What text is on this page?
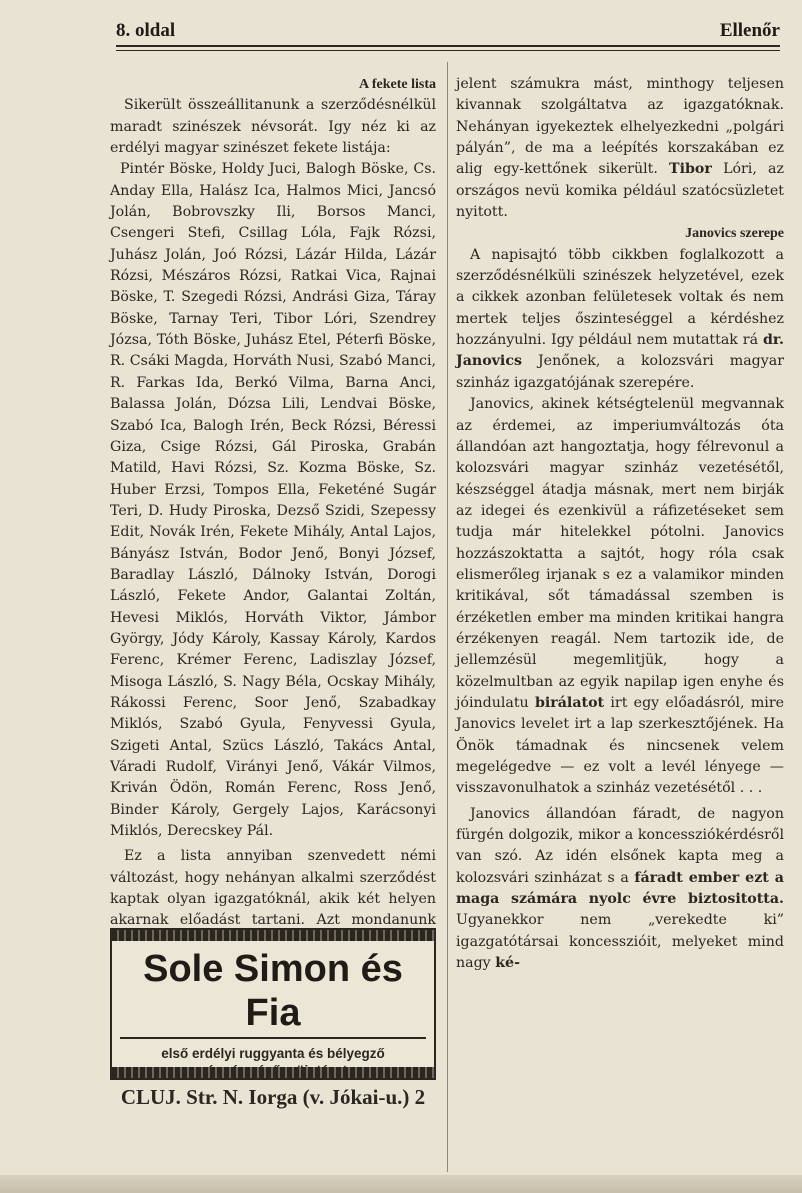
8. oldal	Ellenőr

A fekete lista

Sikerült összeállitanunk a szerződésnélkül maradt szinészek névsorát. Igy néz ki az erdélyi magyar szinészet fekete listája:

Pintér Böske, Holdy Juci, Balogh Böske, Cs. Anday Ella, Halász Ica, Halmos Mici, Jancsó Jolán, Bobrovszky Ili, Borsos Manci, Csengeri Stefi, Csillag Lóla, Fajk Rózsi, Juhász Jolán, Joó Rózsi, Lázár Hilda, Lázár Rózsi, Mészáros Rózsi, Ratkai Vica, Rajnai Böske, T. Szegedi Rózsi, Andrási Giza, Táray Böske, Tarnay Teri, Tibor Lóri, Szendrey Józsa, Tóth Böske, Juhász Etel, Péterfi Böske, R. Csáki Magda, Horváth Nusi, Szabó Manci, R. Farkas Ida, Berkó Vilma, Barna Anci, Balassa Jolán, Dózsa Lili, Lendvai Böske, Szabó Ica, Balogh Irén, Beck Rózsi, Béressi Giza, Csige Rózsi, Gál Piroska, Grabán Matild, Havi Rózsi, Sz. Kozma Böske, Sz. Huber Erzsi, Tompos Ella, Feketéné Sugár Teri, D. Hudy Piroska, Dezső Szidi, Szepessy Edit, Novák Irén, Fekete Mihály, Antal Lajos, Bányász István, Bodor Jenő, Bonyi József, Baradlay László, Dálnoky István, Dorogi László, Fekete Andor, Galantai Zoltán, Hevesi Miklós, Horváth Viktor, Jámbor György, Jódy Károly, Kassay Károly, Kardos Ferenc, Krémer Ferenc, Ladiszlay József, Misoga László, S. Nagy Béla, Ocskay Mihály, Rákossi Ferenc, Soor Jenő, Szabadkay Miklós, Szabó Gyula, Fenyvessi Gyula, Szigeti Antal, Szücs László, Takács Antal, Váradi Rudolf, Virányi Jenő, Vákár Vilmos, Kriván Ödön, Román Ferenc, Ross Jenő, Binder Károly, Gergely Lajos, Karácsonyi Miklós, Derecskey Pál.

Ez a lista annyiban szenvedett némi változást, hogy nehányan alkalmi szerződést kaptak olyan igazgatóknál, akik két helyen akarnak előadást tartani. Azt mondanunk

Sole Simon és Fia
első erdélyi ruggyanta és bélyegző
CLUJ. Str. N. Iorga (v. Jókai-u.) 2

jelent számukra mást, minthogy teljesen kivannak szolgáltatva az igazgatóknak. Nehányan igyekeztek elhelyezkedni „polgári pályán”, de ma a leépítés korszakában ez alig egy-kettőnek sikerült. Tibor Lóri, az országos nevü komika például szatócsüzletet nyitott.

Janovics szerepe

A napisajtó több cikkben foglalkozott a szerződésnélküli szinészek helyzetével, ezek a cikkek azonban felületesek voltak és nem mertek teljes őszinteséggel a kérdéshez hozzányulni. Igy például nem mutattak rá dr. Janovics Jenőnek, a kolozsvári magyar szinház igazgatójának szerepére.

Janovics, akinek kétségtelenül megvannak az érdemei, az imperiumváltozás óta állandóan azt hangoztatja, hogy félrevonul a kolozsvári magyar szinház vezetésétől, készséggel átadja másnak, mert nem birják az idegei és ezenkivül a ráfizetéseket sem tudja már hitelekkel pótolni. Janovics hozzászoktatta a sajtót, hogy róla csak elismerőleg irjanak s ez a valamikor minden kritikával, sőt támadással szemben is érzéketlen ember ma minden kritikai hangra érzékenyen reagál. Nem tartozik ide, de jellemzésül megemlitjük, hogy a közelmultban az egyik napilap igen enyhe és jóindulatu birálatot irt egy előadásról, mire Janovics levelet irt a lap szerkesztőjének. Ha Önök támadnak és nincsenek velem megelégedve — ez volt a levél lényege — visszavonulhatok a szinház vezetésétől . . .

Janovics állandóan fáradt, de nagyon fürgén dolgozik, mikor a koncessziókérdésről van szó. Az idén elsőnek kapta meg a kolozsvári szinházat s a fáradt ember ezt a maga számára nyolc évre biztositotta. Ugyanekkor nem „verekedte ki” igazgatótársai koncesszióit, melyeket mind nagy ké-
